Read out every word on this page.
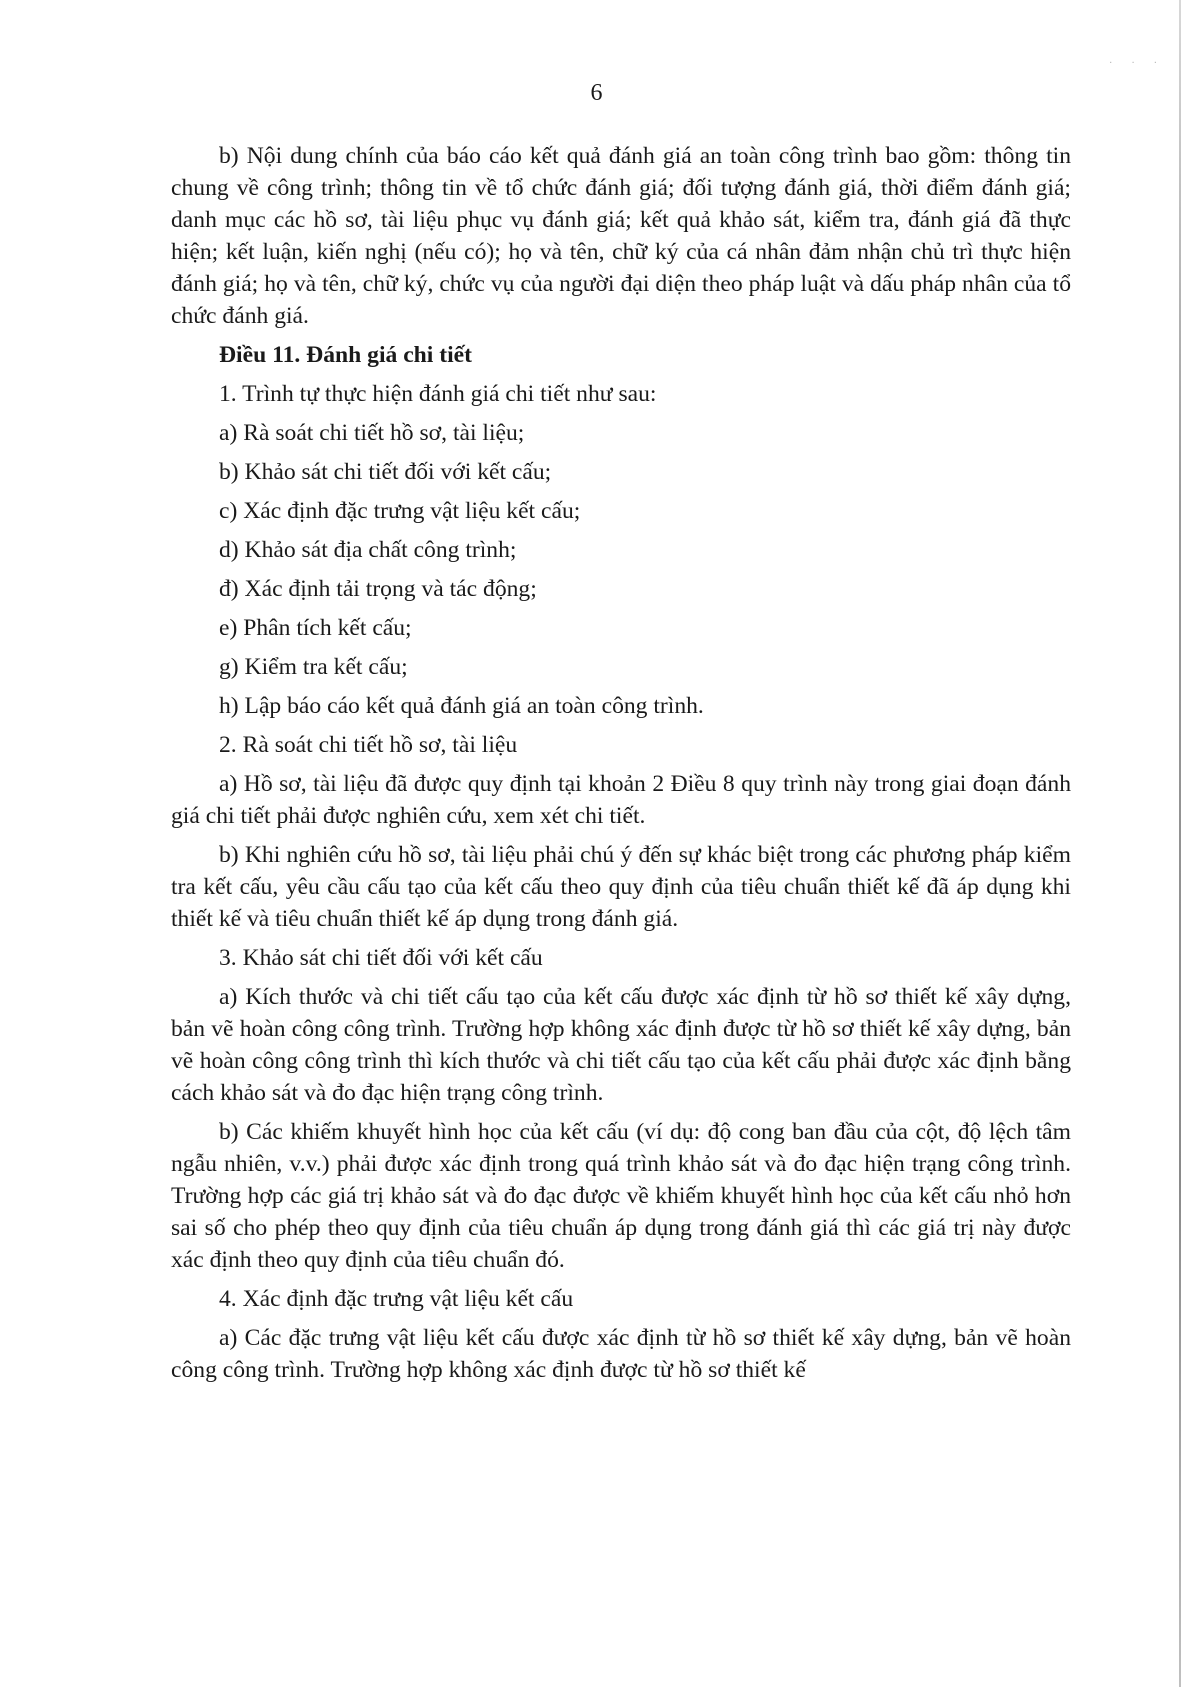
· · ·
6

b) Nội dung chính của báo cáo kết quả đánh giá an toàn công trình bao gồm: thông tin chung về công trình; thông tin về tổ chức đánh giá; đối tượng đánh giá, thời điểm đánh giá; danh mục các hồ sơ, tài liệu phục vụ đánh giá; kết quả khảo sát, kiểm tra, đánh giá đã thực hiện; kết luận, kiến nghị (nếu có); họ và tên, chữ ký của cá nhân đảm nhận chủ trì thực hiện đánh giá; họ và tên, chữ ký, chức vụ của người đại diện theo pháp luật và dấu pháp nhân của tổ chức đánh giá.

Điều 11. Đánh giá chi tiết

1. Trình tự thực hiện đánh giá chi tiết như sau:

a) Rà soát chi tiết hồ sơ, tài liệu;

b) Khảo sát chi tiết đối với kết cấu;

c) Xác định đặc trưng vật liệu kết cấu;

d) Khảo sát địa chất công trình;

đ) Xác định tải trọng và tác động;

e) Phân tích kết cấu;

g) Kiểm tra kết cấu;

h) Lập báo cáo kết quả đánh giá an toàn công trình.

2. Rà soát chi tiết hồ sơ, tài liệu

a) Hồ sơ, tài liệu đã được quy định tại khoản 2 Điều 8 quy trình này trong giai đoạn đánh giá chi tiết phải được nghiên cứu, xem xét chi tiết.

b) Khi nghiên cứu hồ sơ, tài liệu phải chú ý đến sự khác biệt trong các phương pháp kiểm tra kết cấu, yêu cầu cấu tạo của kết cấu theo quy định của tiêu chuẩn thiết kế đã áp dụng khi thiết kế và tiêu chuẩn thiết kế áp dụng trong đánh giá.

3. Khảo sát chi tiết đối với kết cấu

a) Kích thước và chi tiết cấu tạo của kết cấu được xác định từ hồ sơ thiết kế xây dựng, bản vẽ hoàn công công trình. Trường hợp không xác định được từ hồ sơ thiết kế xây dựng, bản vẽ hoàn công công trình thì kích thước và chi tiết cấu tạo của kết cấu phải được xác định bằng cách khảo sát và đo đạc hiện trạng công trình.

b) Các khiếm khuyết hình học của kết cấu (ví dụ: độ cong ban đầu của cột, độ lệch tâm ngẫu nhiên, v.v.) phải được xác định trong quá trình khảo sát và đo đạc hiện trạng công trình. Trường hợp các giá trị khảo sát và đo đạc được về khiếm khuyết hình học của kết cấu nhỏ hơn sai số cho phép theo quy định của tiêu chuẩn áp dụng trong đánh giá thì các giá trị này được xác định theo quy định của tiêu chuẩn đó.

4. Xác định đặc trưng vật liệu kết cấu

a) Các đặc trưng vật liệu kết cấu được xác định từ hồ sơ thiết kế xây dựng, bản vẽ hoàn công công trình. Trường hợp không xác định được từ hồ sơ thiết kế
